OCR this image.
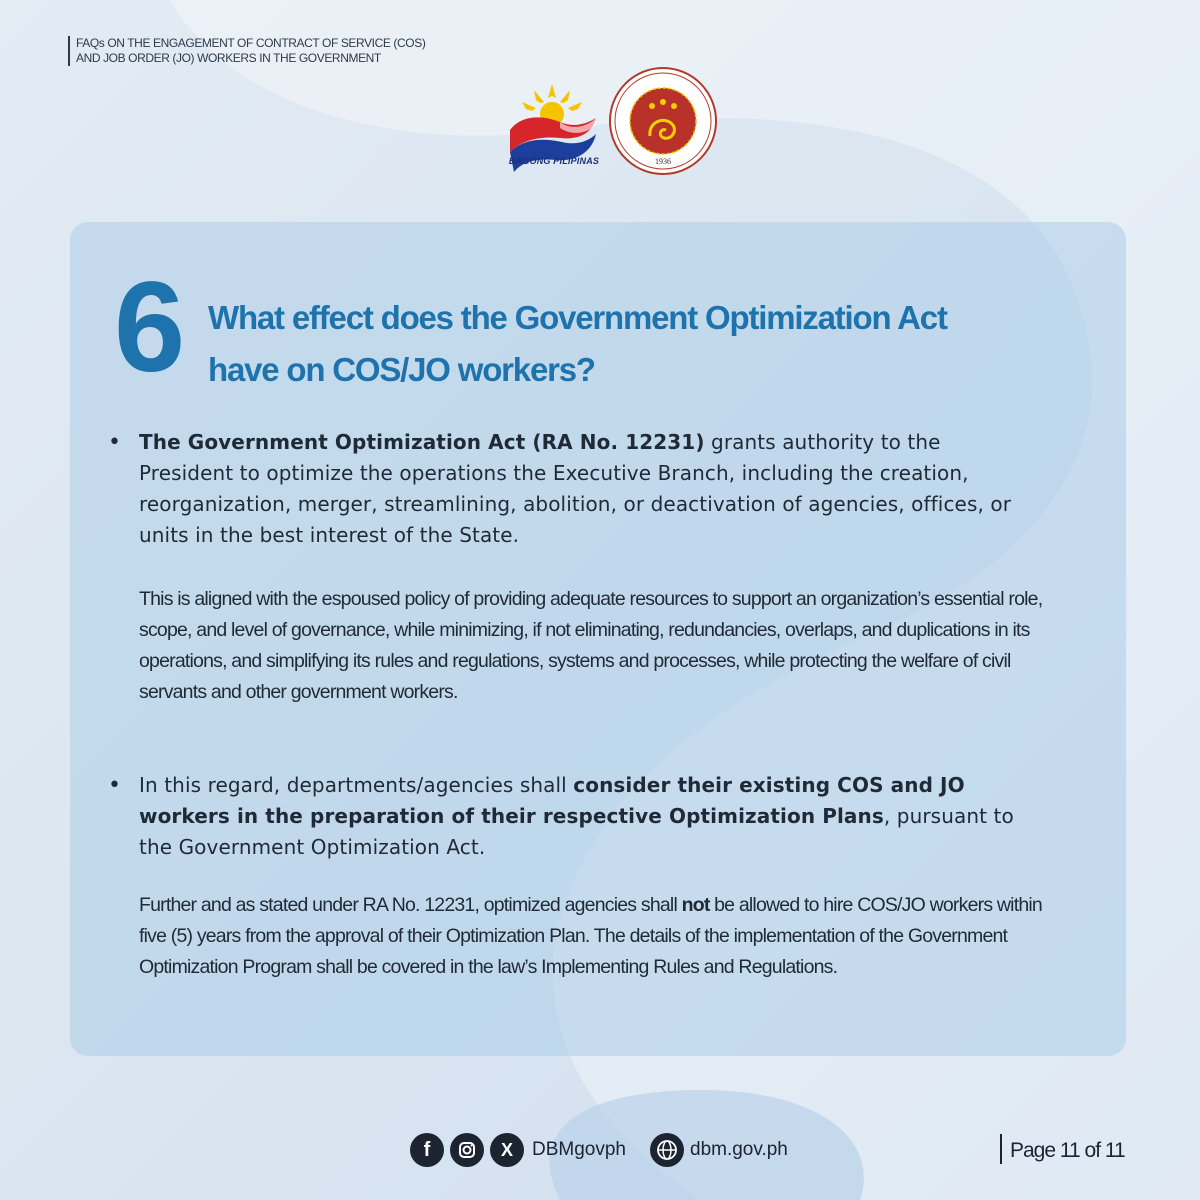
FAQs ON THE ENGAGEMENT OF CONTRACT OF SERVICE (COS)
AND JOB ORDER (JO) WORKERS IN THE GOVERNMENT
BAGONG PILIPINAS	1936
6 What effect does the Government Optimization Act
have on COS/JO workers?
• The Government Optimization Act (RA No. 12231) grants authority to the President to optimize the operations the Executive Branch, including the creation, reorganization, merger, streamlining, abolition, or deactivation of agencies, offices, or units in the best interest of the State.
This is aligned with the espoused policy of providing adequate resources to support an organization’s essential role, scope, and level of governance, while minimizing, if not eliminating, redundancies, overlaps, and duplications in its operations, and simplifying its rules and regulations, systems and processes, while protecting the welfare of civil servants and other government workers.
• In this regard, departments/agencies shall consider their existing COS and JO workers in the preparation of their respective Optimization Plans, pursuant to the Government Optimization Act.
Further and as stated under RA No. 12231, optimized agencies shall not be allowed to hire COS/JO workers within five (5) years from the approval of their Optimization Plan. The details of the implementation of the Government Optimization Program shall be covered in the law’s Implementing Rules and Regulations.
f	X	DBMgovph	dbm.gov.ph	Page 11 of 11
